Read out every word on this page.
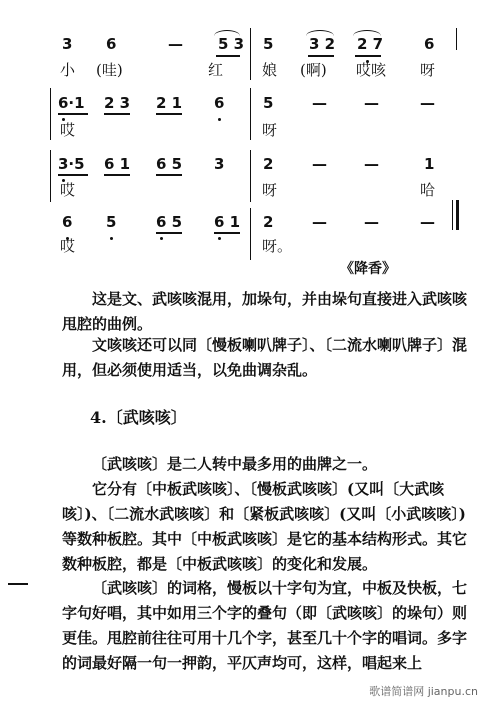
3 6	— 5 3 5 3 2 2 7	6
小 (哇)	红	娘 (啊) 哎咳 呀
6·1 2 3 2 1 6	5	— —	—
哎	呀
3·5 6 1 6 5 3	2	— —	1
哎	呀	哈
6 5	6 5 6 1 2	— —	—
哎	呀。
《降香》

这是文、武咳咳混用，加垛句，并由垛句直接进入武咳咳甩腔的曲例。

文咳咳还可以同〔慢板喇叭牌子〕、〔二流水喇叭牌子〕混用，但必须使用适当，以免曲调杂乱。

4.〔武咳咳〕

〔武咳咳〕是二人转中最多用的曲牌之一。

它分有〔中板武咳咳〕、〔慢板武咳咳〕(又叫〔大武咳咳〕)、〔二流水武咳咳〕和〔紧板武咳咳〕(又叫〔小武咳咳〕)等数种板腔。其中〔中板武咳咳〕是它的基本结构形式。其它数种板腔，都是〔中板武咳咳〕的变化和发展。

〔武咳咳〕的词格，慢板以十字句为宜，中板及快板，七字句好唱，其中如用三个字的叠句（即〔武咳咳〕的垛句）则更佳。甩腔前往往可用十几个字，甚至几十个字的唱词。多字的词最好隔一句一押韵，平仄声均可，这样，唱起来上

歌谱简谱网 jianpu.cn
